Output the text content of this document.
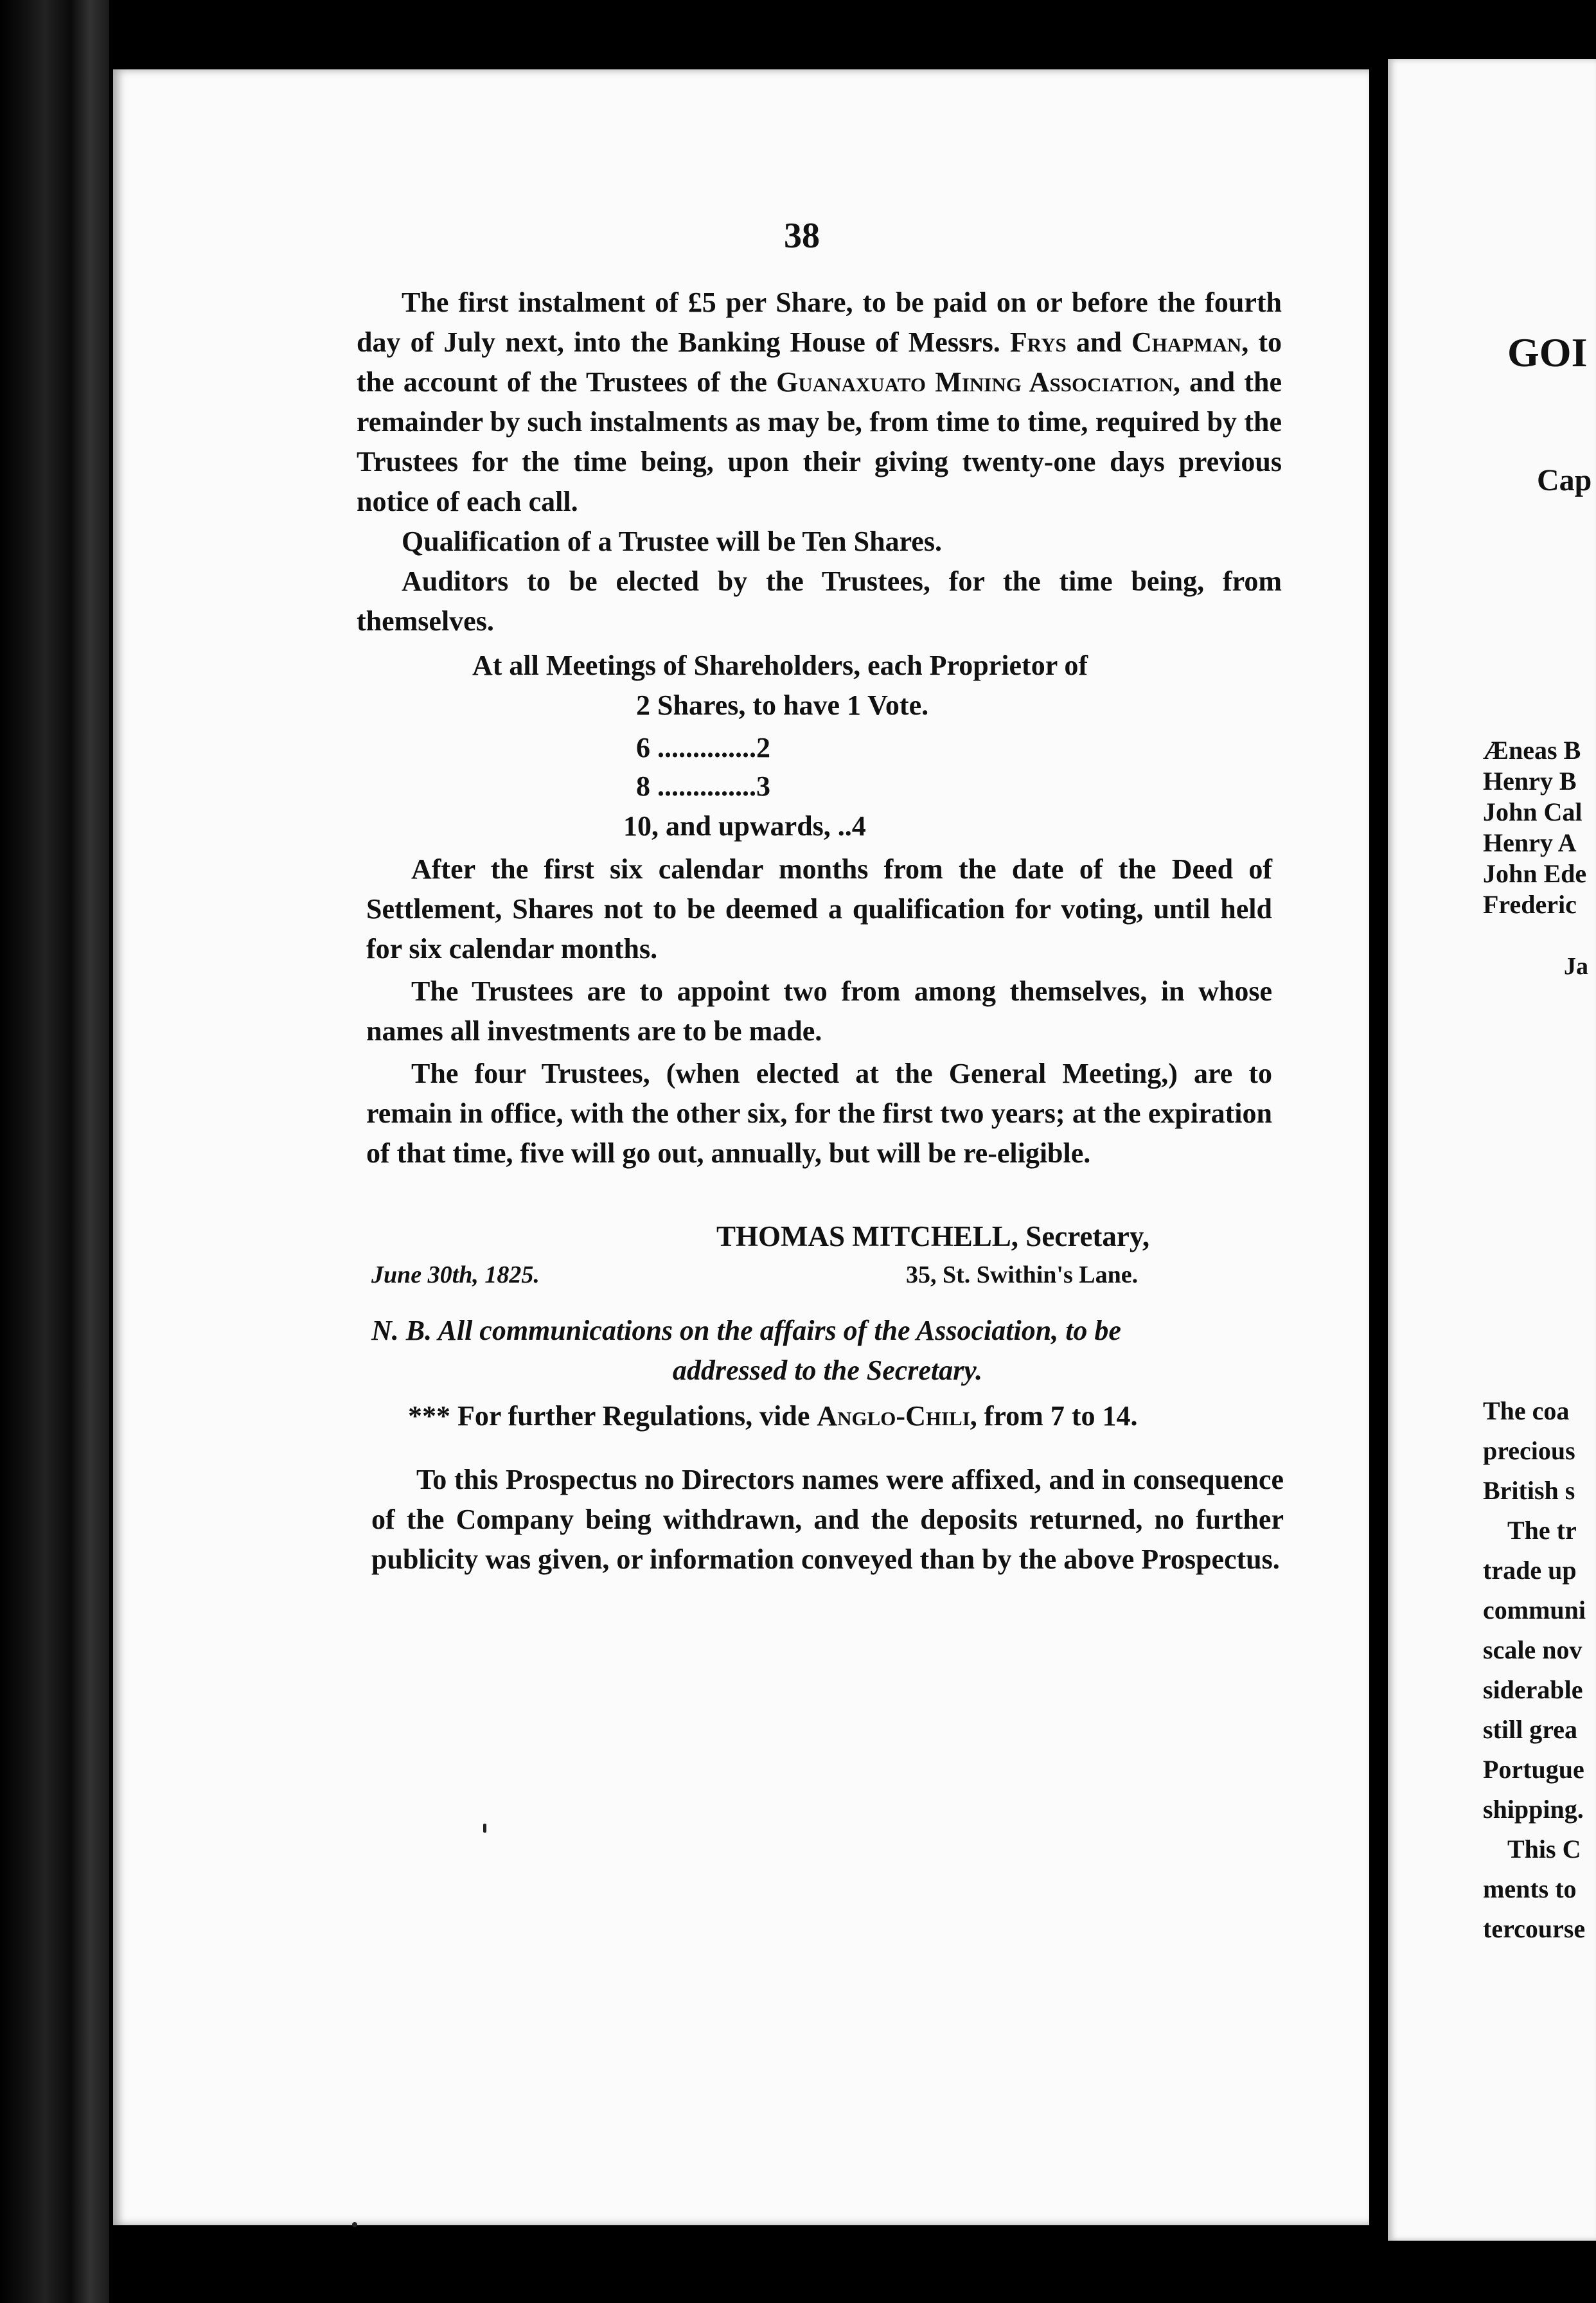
38

The first instalment of £5 per Share, to be paid on or before the fourth day of July next, into the Banking House of Messrs. Frys and Chapman, to the account of the Trustees of the Guanaxuato Mining Association, and the remainder by such instalments as may be, from time to time, required by the Trustees for the time being, upon their giving twenty-one days previous notice of each call.

Qualification of a Trustee will be Ten Shares.

Auditors to be elected by the Trustees, for the time being, from themselves.

At all Meetings of Shareholders, each Proprietor of

2 Shares, to have 1 Vote.
6 ..............2
8 ..............3
10, and upwards, ..4

After the first six calendar months from the date of the Deed of Settlement, Shares not to be deemed a qualification for voting, until held for six calendar months.

The Trustees are to appoint two from among themselves, in whose names all investments are to be made.

The four Trustees, (when elected at the General Meeting,) are to remain in office, with the other six, for the first two years; at the expiration of that time, five will go out, annually, but will be re-eligible.

THOMAS MITCHELL, Secretary,
June 30th, 1825.	35, St. Swithin's Lane.
N. B. All communications on the affairs of the Association, to be
addressed to the Secretary.
*** For further Regulations, vide Anglo-Chili, from 7 to 14.

To this Prospectus no Directors names were affixed, and in consequence of the Company being withdrawn, and the deposits returned, no further publicity was given, or information conveyed than by the above Prospectus.

GOI
Cap
Æneas B
Henry B
John Cal
Henry A
John Ede
Frederic
Ja
The coa
precious
British s
The tr
trade up
communi
scale nov
siderable
still grea
Portugue
shipping.
This C
ments to
tercourse
